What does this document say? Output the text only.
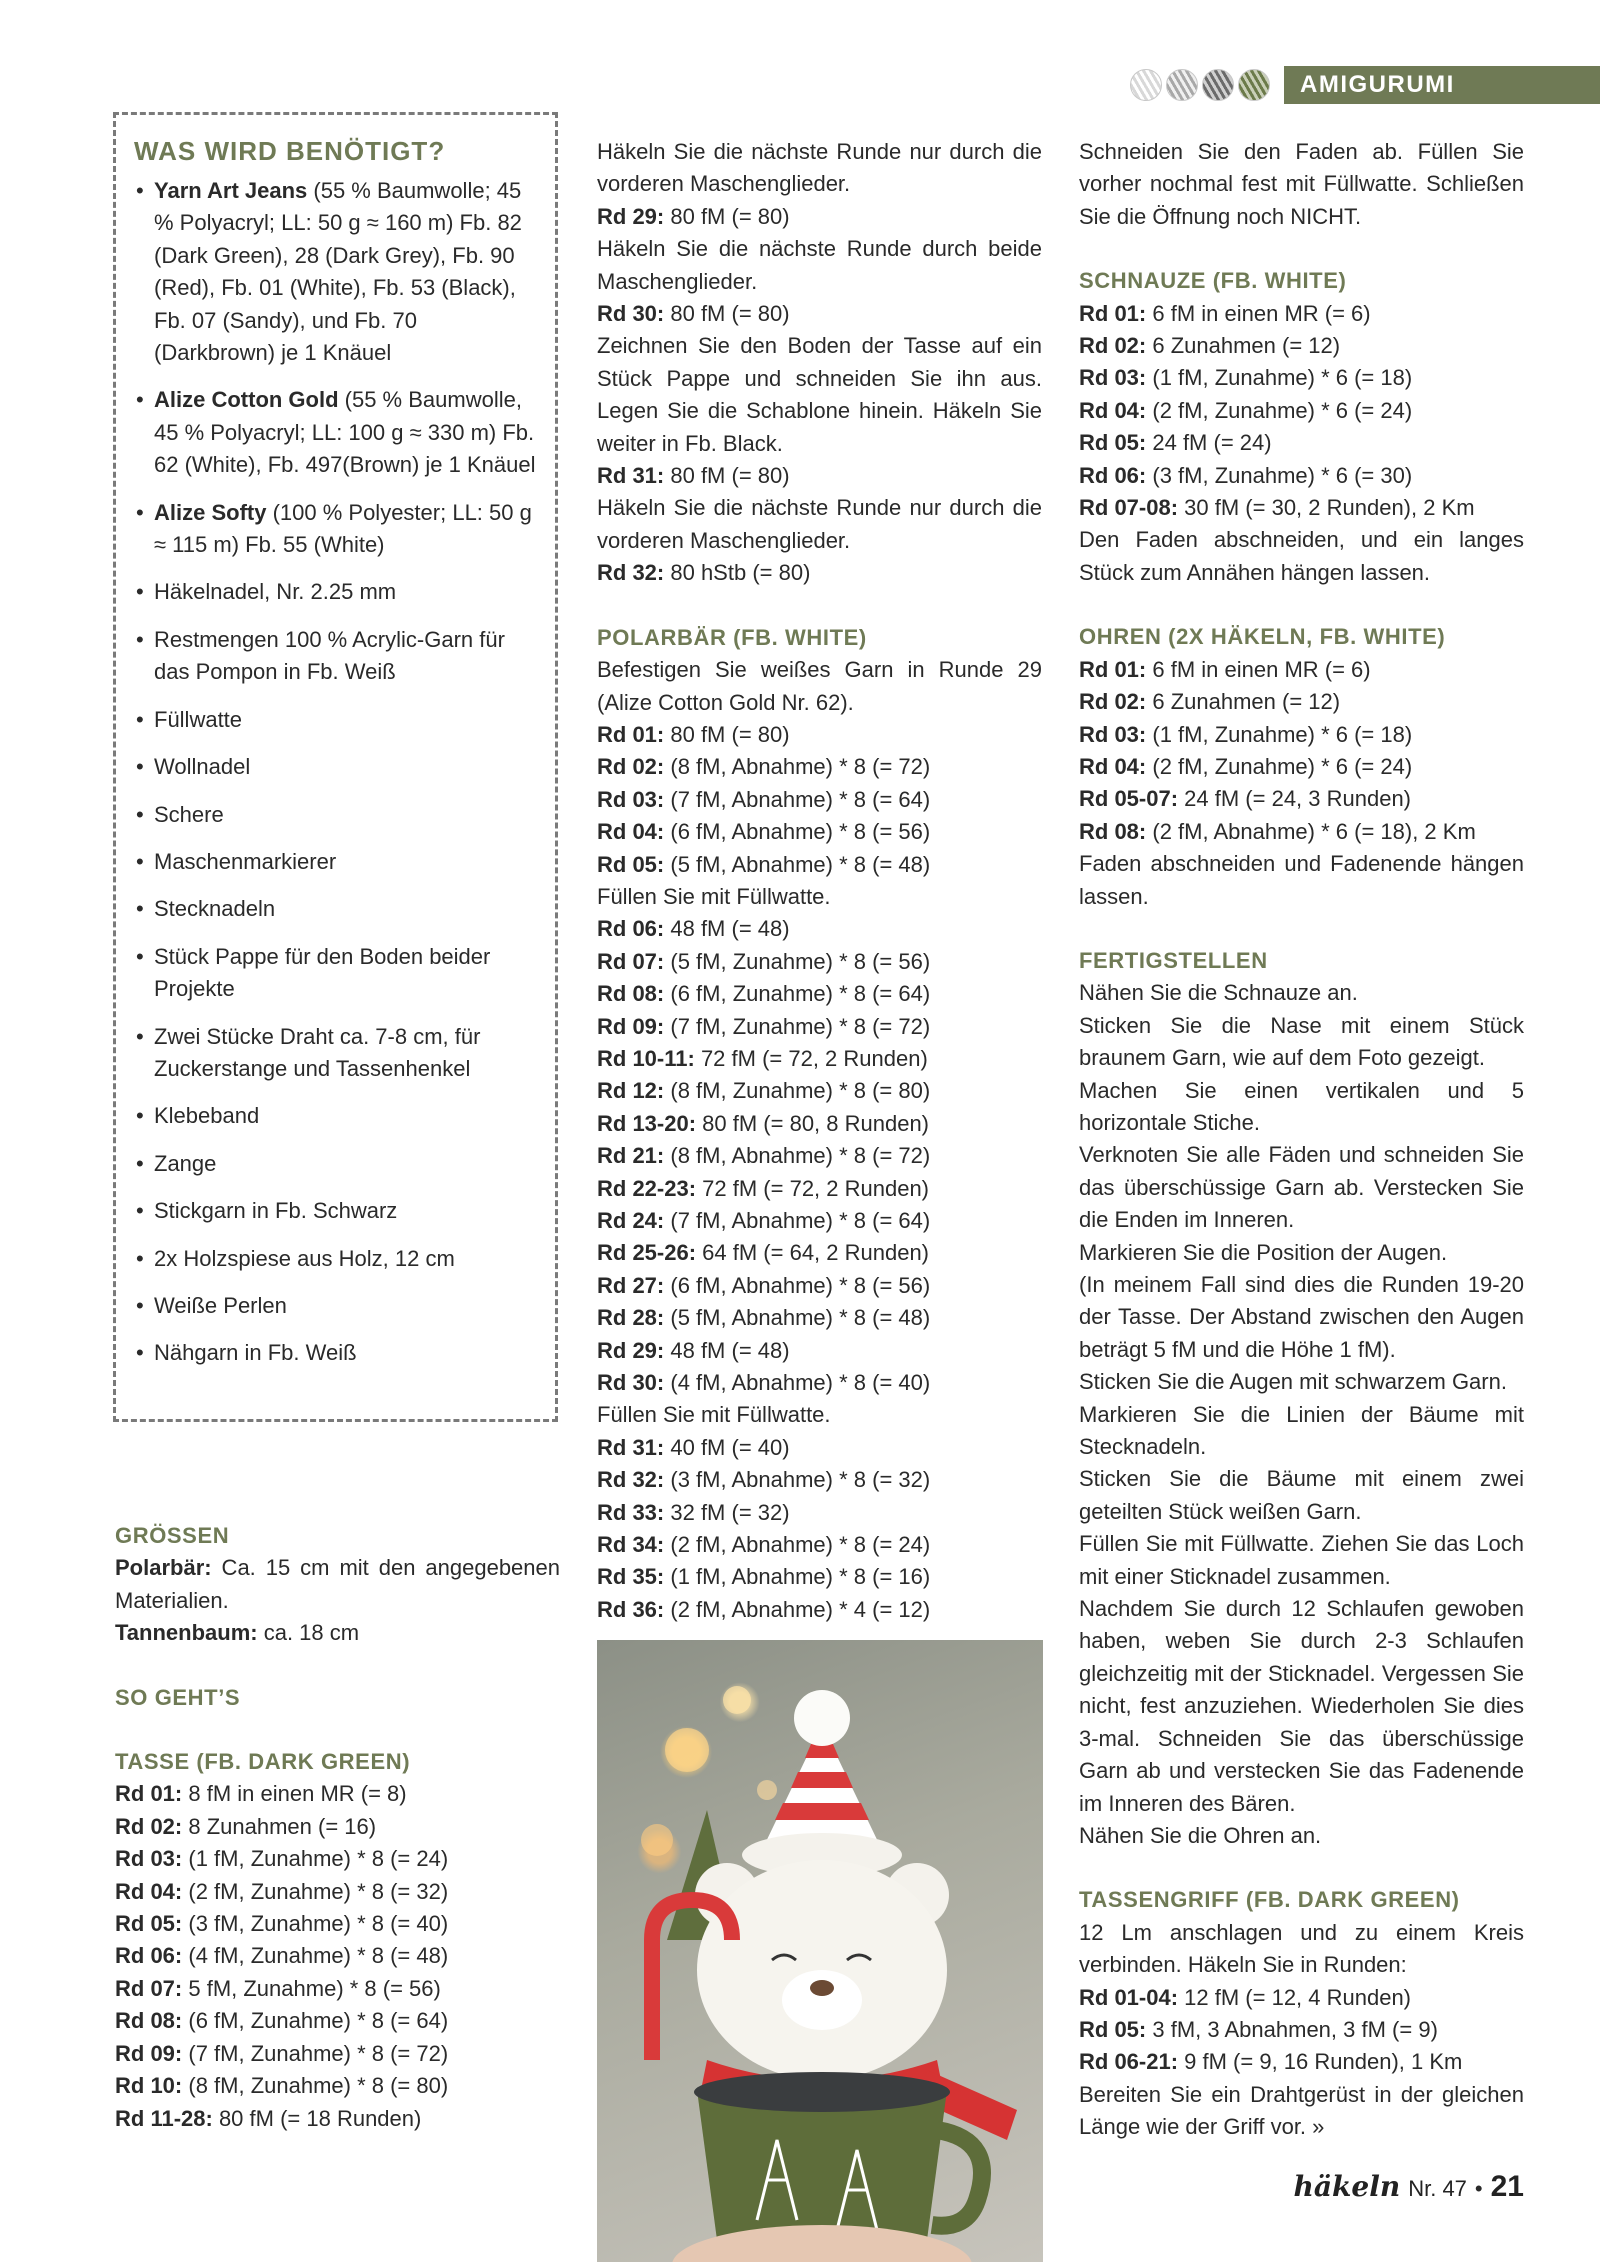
AMIGURUMI
WAS WIRD BENÖTIGT?
• Yarn Art Jeans (55 % Baumwolle; 45 % Polyacryl; LL: 50 g ≈ 160 m) Fb. 82 (Dark Green), 28 (Dark Grey), Fb. 90 (Red), Fb. 01 (White), Fb. 53 (Black), Fb. 07 (Sandy), und Fb. 70 (Darkbrown) je 1 Knäuel
• Alize Cotton Gold (55 % Baumwolle, 45 % Polyacryl; LL: 100 g ≈ 330 m) Fb. 62 (White), Fb. 497(Brown) je 1 Knäuel
• Alize Softy (100 % Polyester; LL: 50 g ≈ 115 m) Fb. 55 (White)
• Häkelnadel, Nr. 2.25 mm
• Restmengen 100 % Acrylic-Garn für das Pompon in Fb. Weiß
• Füllwatte
• Wollnadel
• Schere
• Maschenmarkierer
• Stecknadeln
• Stück Pappe für den Boden beider Projekte
• Zwei Stücke Draht ca. 7-8 cm, für Zuckerstange und Tassenhenkel
• Klebeband
• Zange
• Stickgarn in Fb. Schwarz
• 2x Holzspiese aus Holz, 12 cm
• Weiße Perlen
• Nähgarn in Fb. Weiß
GRÖSSEN

Polarbär: Ca. 15 cm mit den angegebenen Materialien.

Tannenbaum: ca. 18 cm

SO GEHT’S
TASSE (FB. DARK GREEN)

Rd 01: 8 fM in einen MR (= 8)

Rd 02: 8 Zunahmen (= 16)

Rd 03: (1 fM, Zunahme) * 8 (= 24)

Rd 04: (2 fM, Zunahme) * 8 (= 32)

Rd 05: (3 fM, Zunahme) * 8 (= 40)

Rd 06: (4 fM, Zunahme) * 8 (= 48)

Rd 07: 5 fM, Zunahme) * 8 (= 56)

Rd 08: (6 fM, Zunahme) * 8 (= 64)

Rd 09: (7 fM, Zunahme) * 8 (= 72)

Rd 10: (8 fM, Zunahme) * 8 (= 80)

Rd 11-28: 80 fM (= 18 Runden)

Häkeln Sie die nächste Runde nur durch die vorderen Maschenglieder.

Rd 29: 80 fM (= 80)

Häkeln Sie die nächste Runde durch beide Maschenglieder.

Rd 30: 80 fM (= 80)

Zeichnen Sie den Boden der Tasse auf ein Stück Pappe und schneiden Sie ihn aus. Legen Sie die Schablone hinein. Häkeln Sie weiter in Fb. Black.

Rd 31: 80 fM (= 80)

Häkeln Sie die nächste Runde nur durch die vorderen Maschenglieder.

Rd 32: 80 hStb (= 80)

POLARBÄR (FB. WHITE)

Befestigen Sie weißes Garn in Runde 29 (Alize Cotton Gold Nr. 62).

Rd 01: 80 fM (= 80)

Rd 02: (8 fM, Abnahme) * 8 (= 72)

Rd 03: (7 fM, Abnahme) * 8 (= 64)

Rd 04: (6 fM, Abnahme) * 8 (= 56)

Rd 05: (5 fM, Abnahme) * 8 (= 48)

Füllen Sie mit Füllwatte.

Rd 06: 48 fM (= 48)

Rd 07: (5 fM, Zunahme) * 8 (= 56)

Rd 08: (6 fM, Zunahme) * 8 (= 64)

Rd 09: (7 fM, Zunahme) * 8 (= 72)

Rd 10-11: 72 fM (= 72, 2 Runden)

Rd 12: (8 fM, Zunahme) * 8 (= 80)

Rd 13-20: 80 fM (= 80, 8 Runden)

Rd 21: (8 fM, Abnahme) * 8 (= 72)

Rd 22-23: 72 fM (= 72, 2 Runden)

Rd 24: (7 fM, Abnahme) * 8 (= 64)

Rd 25-26: 64 fM (= 64, 2 Runden)

Rd 27: (6 fM, Abnahme) * 8 (= 56)

Rd 28: (5 fM, Abnahme) * 8 (= 48)

Rd 29: 48 fM (= 48)

Rd 30: (4 fM, Abnahme) * 8 (= 40)

Füllen Sie mit Füllwatte.

Rd 31: 40 fM (= 40)

Rd 32: (3 fM, Abnahme) * 8 (= 32)

Rd 33: 32 fM (= 32)

Rd 34: (2 fM, Abnahme) * 8 (= 24)

Rd 35: (1 fM, Abnahme) * 8 (= 16)

Rd 36: (2 fM, Abnahme) * 4 (= 12)

Schneiden Sie den Faden ab. Füllen Sie vorher nochmal fest mit Füllwatte. Schließen Sie die Öffnung noch NICHT.

SCHNAUZE (FB. WHITE)

Rd 01: 6 fM in einen MR (= 6)

Rd 02: 6 Zunahmen (= 12)

Rd 03: (1 fM, Zunahme) * 6 (= 18)

Rd 04: (2 fM, Zunahme) * 6 (= 24)

Rd 05: 24 fM (= 24)

Rd 06: (3 fM, Zunahme) * 6 (= 30)

Rd 07-08: 30 fM (= 30, 2 Runden), 2 Km

Den Faden abschneiden, und ein langes Stück zum Annähen hängen lassen.

OHREN (2X HÄKELN, FB. WHITE)

Rd 01: 6 fM in einen MR (= 6)

Rd 02: 6 Zunahmen (= 12)

Rd 03: (1 fM, Zunahme) * 6 (= 18)

Rd 04: (2 fM, Zunahme) * 6 (= 24)

Rd 05-07: 24 fM (= 24, 3 Runden)

Rd 08: (2 fM, Abnahme) * 6 (= 18), 2 Km

Faden abschneiden und Fadenende hängen lassen.

FERTIGSTELLEN

Nähen Sie die Schnauze an.

Sticken Sie die Nase mit einem Stück braunem Garn, wie auf dem Foto gezeigt.

Machen Sie einen vertikalen und 5 horizontale Stiche.

Verknoten Sie alle Fäden und schneiden Sie das überschüssige Garn ab. Verstecken Sie die Enden im Inneren.

Markieren Sie die Position der Augen.

(In meinem Fall sind dies die Runden 19-20 der Tasse. Der Abstand zwischen den Augen beträgt 5 fM und die Höhe 1 fM).

Sticken Sie die Augen mit schwarzem Garn.

Markieren Sie die Linien der Bäume mit Stecknadeln.

Sticken Sie die Bäume mit einem zwei geteilten Stück weißen Garn.

Füllen Sie mit Füllwatte. Ziehen Sie das Loch mit einer Sticknadel zusammen.

Nachdem Sie durch 12 Schlaufen gewoben haben, weben Sie durch 2-3 Schlaufen gleichzeitig mit der Sticknadel. Vergessen Sie nicht, fest anzuziehen. Wiederholen Sie dies 3-mal. Schneiden Sie das überschüssige Garn ab und verstecken Sie das Fadenende im Inneren des Bären.

Nähen Sie die Ohren an.

TASSENGRIFF (FB. DARK GREEN)

12 Lm anschlagen und zu einem Kreis verbinden. Häkeln Sie in Runden:

Rd 01-04: 12 fM (= 12, 4 Runden)

Rd 05: 3 fM, 3 Abnahmen, 3 fM (= 9)

Rd 06-21: 9 fM (= 9, 16 Runden), 1 Km

Bereiten Sie ein Drahtgerüst in der gleichen Länge wie der Griff vor. »

häkeln Nr. 47 • 21
